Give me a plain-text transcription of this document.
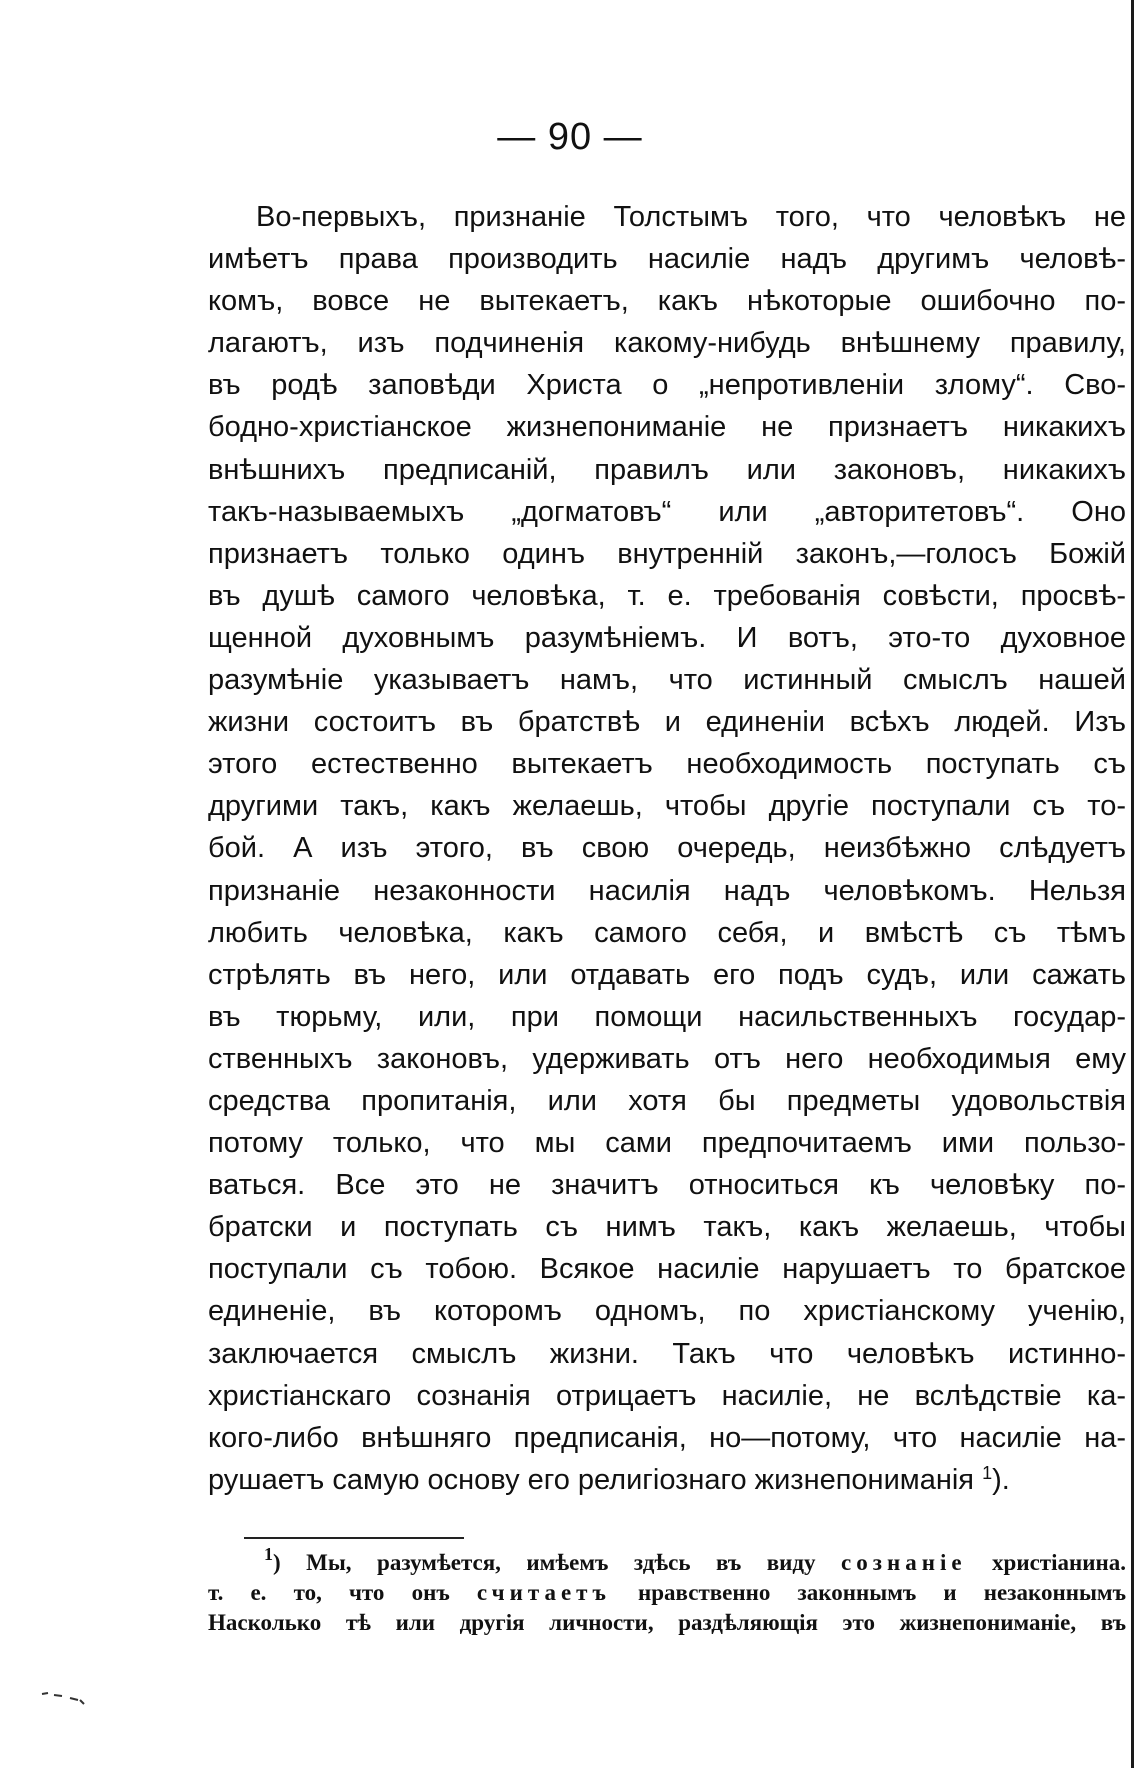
— 90 —
Во-первыхъ, признаніе Толстымъ того, что человѣкъ не
имѣетъ права производить насиліе надъ другимъ человѣ-
комъ, вовсе не вытекаетъ, какъ нѣкоторые ошибочно по-
лагаютъ, изъ подчиненія какому-нибудь внѣшнему правилу,
въ родѣ заповѣди Христа о „непротивленіи злому“. Сво-
бодно-христіанское жизнепониманіе не признаетъ никакихъ
внѣшнихъ предписаній, правилъ или законовъ, никакихъ
такъ-называемыхъ „догматовъ“ или „авторитетовъ“. Оно
признаетъ только одинъ внутренній законъ,—голосъ Божій
въ душѣ самого человѣка, т. е. требованія совѣсти, просвѣ-
щенной духовнымъ разумѣніемъ. И вотъ, это-то духовное
разумѣніе указываетъ намъ, что истинный смыслъ нашей
жизни состоитъ въ братствѣ и единеніи всѣхъ людей. Изъ
этого естественно вытекаетъ необходимость поступать съ
другими такъ, какъ желаешь, чтобы другіе поступали съ то-
бой. А изъ этого, въ свою очередь, неизбѣжно слѣдуетъ
признаніе незаконности насилія надъ человѣкомъ. Нельзя
любить человѣка, какъ самого себя, и вмѣстѣ съ тѣмъ
стрѣлять въ него, или отдавать его подъ судъ, или сажать
въ тюрьму, или, при помощи насильственныхъ государ-
ственныхъ законовъ, удерживать отъ него необходимыя ему
средства пропитанія, или хотя бы предметы удовольствія
потому только, что мы сами предпочитаемъ ими пользо-
ваться. Все это не значитъ относиться къ человѣку по-
братски и поступать съ нимъ такъ, какъ желаешь, чтобы
поступали съ тобою. Всякое насиліе нарушаетъ то братское
единеніе, въ которомъ одномъ, по христіанскому ученію,
заключается смыслъ жизни. Такъ что человѣкъ истинно-
христіанскаго сознанія отрицаетъ насиліе, не вслѣдствіе ка-
кого-либо внѣшняго предписанія, но—потому, что насиліе на-
рушаетъ самую основу его религіознаго жизнепониманія $^1$).
$^1$) Мы, разумѣется, имѣемъ здѣсь въ виду сознаніе христіанина.
т. е. то, что онъ считаетъ нравственно законнымъ и незаконнымъ
Насколько тѣ или другія личности, раздѣляющія это жизнепониманіе, въ
